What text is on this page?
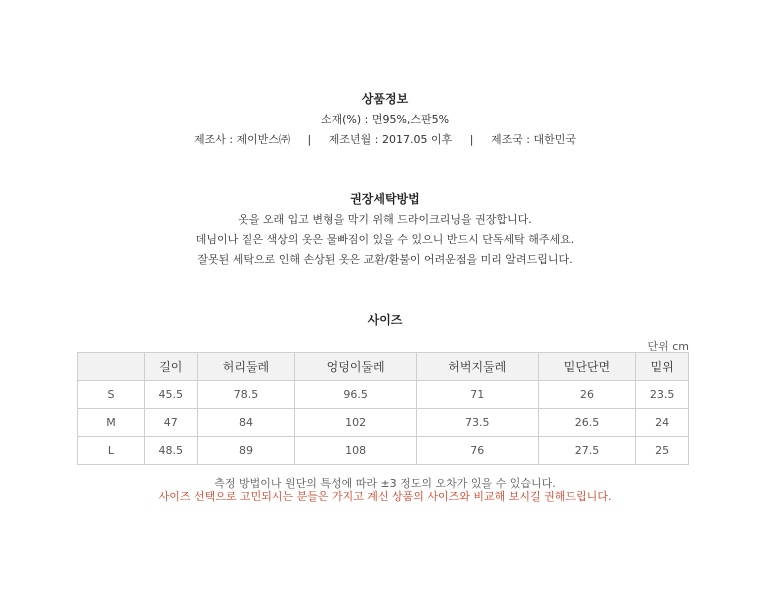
상품정보
소재(%) : 면95%,스판5%
제조사 : 제이반스㈜ | 제조년월 : 2017.05 이후 | 제조국 : 대한민국
권장세탁방법
옷을 오래 입고 변형을 막기 위해 드라이크리닝을 권장합니다.
데님이나 짙은 색상의 옷은 물빠짐이 있을 수 있으니 반드시 단독세탁 해주세요.
잘못된 세탁으로 인해 손상된 옷은 교환/환불이 어려운점을 미리 알려드립니다.
사이즈
단위 cm
	길이	허리둘레	엉덩이둘레	허벅지둘레	밑단단면	밑위
S	45.5	78.5	96.5	71	26	23.5
M	47	84	102	73.5	26.5	24
L	48.5	89	108	76	27.5	25
측정 방법이나 원단의 특성에 따라 ±3 정도의 오차가 있을 수 있습니다.
사이즈 선택으로 고민되시는 분들은 가지고 계신 상품의 사이즈와 비교해 보시길 권해드립니다.
